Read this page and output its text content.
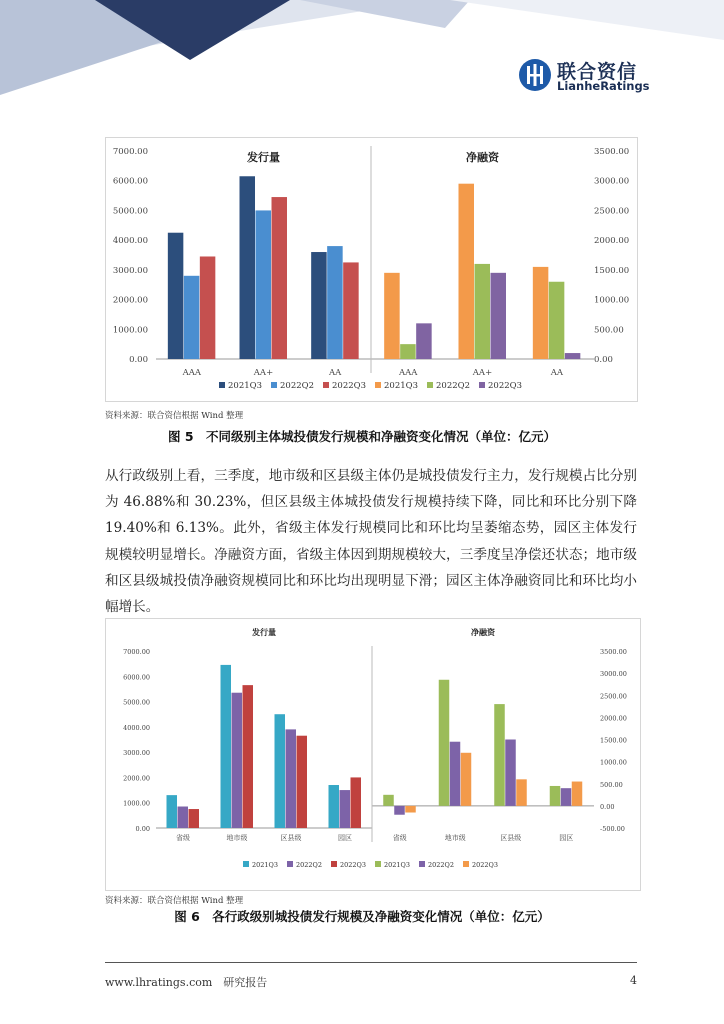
联合资信
LianheRatings
0.00
1000.00
2000.00
3000.00
4000.00
5000.00
6000.00
7000.00
0.00
500.00
1000.00
1500.00
2000.00
2500.00
3000.00
3500.00
发行量
AAA	AA+	AA
净融资
AAA	AA+	AA
2021Q3 2022Q2 2022Q3 2021Q3 2022Q2 2022Q3
资料来源：联合资信根据 Wind 整理
图 5　不同级别主体城投债发行规模和净融资变化情况（单位：亿元）
从行政级别上看，三季度，地市级和区县级主体仍是城投债发行主力，发行规模占比分别为 46.88%和 30.23%，但区县级主体城投债发行规模持续下降，同比和环比分别下降 19.40%和 6.13%。此外，省级主体发行规模同比和环比均呈萎缩态势，园区主体发行规模较明显增长。净融资方面，省级主体因到期规模较大，三季度呈净偿还状态；地市级和区县级城投债净融资规模同比和环比均出现明显下滑；园区主体净融资同比和环比均小幅增长。
0.00
1000.00
2000.00
3000.00
4000.00
5000.00
6000.00
7000.00
-500.00
0.00
500.00
1000.00
1500.00
2000.00
2500.00
3000.00
3500.00
发行量
省级	地市级	区县级	园区
净融资
省级	地市级	区县级	园区
2021Q3	2022Q2	2022Q3	2021Q3	2022Q2	2022Q3
资料来源：联合资信根据 Wind 整理
图 6　各行政级别城投债发行规模及净融资变化情况（单位：亿元）
www.lhratings.com　研究报告	4
